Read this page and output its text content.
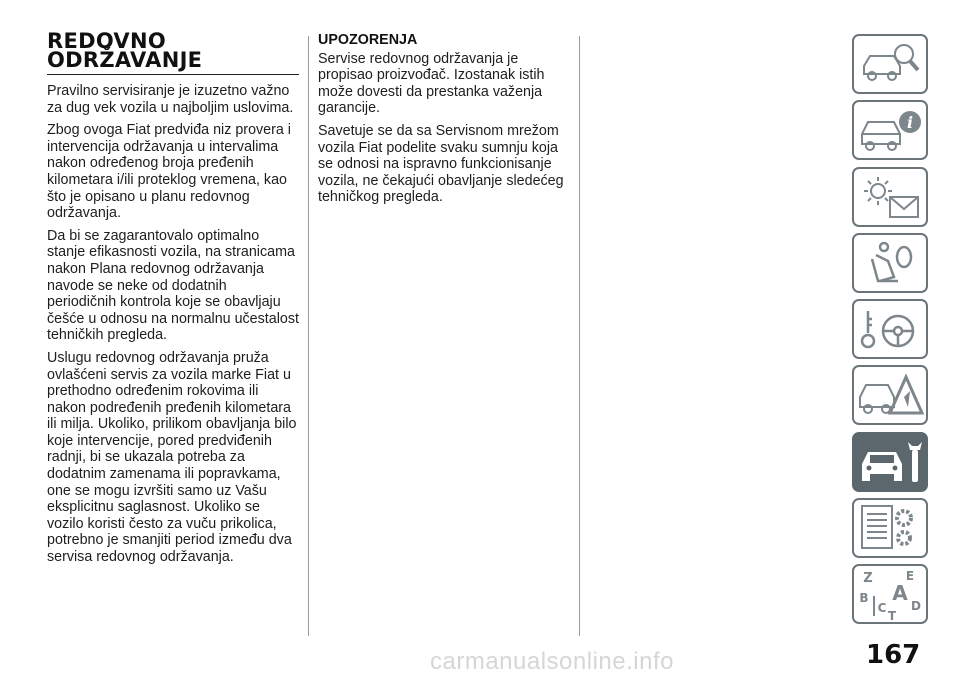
REDOVNO
ODRŽAVANJE

Pravilno servisiranje je izuzetno važno za dug vek vozila u najboljim uslovima.

Zbog ovoga Fiat predviđa niz provera i intervencija održavanja u intervalima nakon određenog broja pređenih kilometara i/ili proteklog vremena, kao što je opisano u planu redovnog održavanja.

Da bi se zagarantovalo optimalno stanje efikasnosti vozila, na stranicama nakon Plana redovnog održavanja navode se neke od dodatnih periodičnih kontrola koje se obavljaju češće u odnosu na normalnu učestalost tehničkih pregleda.

Uslugu redovnog održavanja pruža ovlašćeni servis za vozila marke Fiat u prethodno određenim rokovima ili nakon podređenih pređenih kilometara ili milja. Ukoliko, prilikom obavljanja bilo koje intervencije, pored predviđenih radnji, bi se ukazala potreba za dodatnim zamenama ili popravkama, one se mogu izvršiti samo uz Vašu eksplicitnu saglasnost. Ukoliko se vozilo koristi često za vuču prikolica, potrebno je smanjiti period između dva servisa redovnog održavanja.

UPOZORENJA

Servise redovnog održavanja je propisao proizvođač. Izostanak istih može dovesti da prestanka važenja garancije.

Savetuje se da sa Servisnom mrežom vozila Fiat podelite svaku sumnju koja se odnosi na ispravno funkcionisanje vozila, ne čekajući obavljanje sledećeg tehničkog pregleda.

i
Z	E
B A
C D
T

carmanualsonline.info	167
